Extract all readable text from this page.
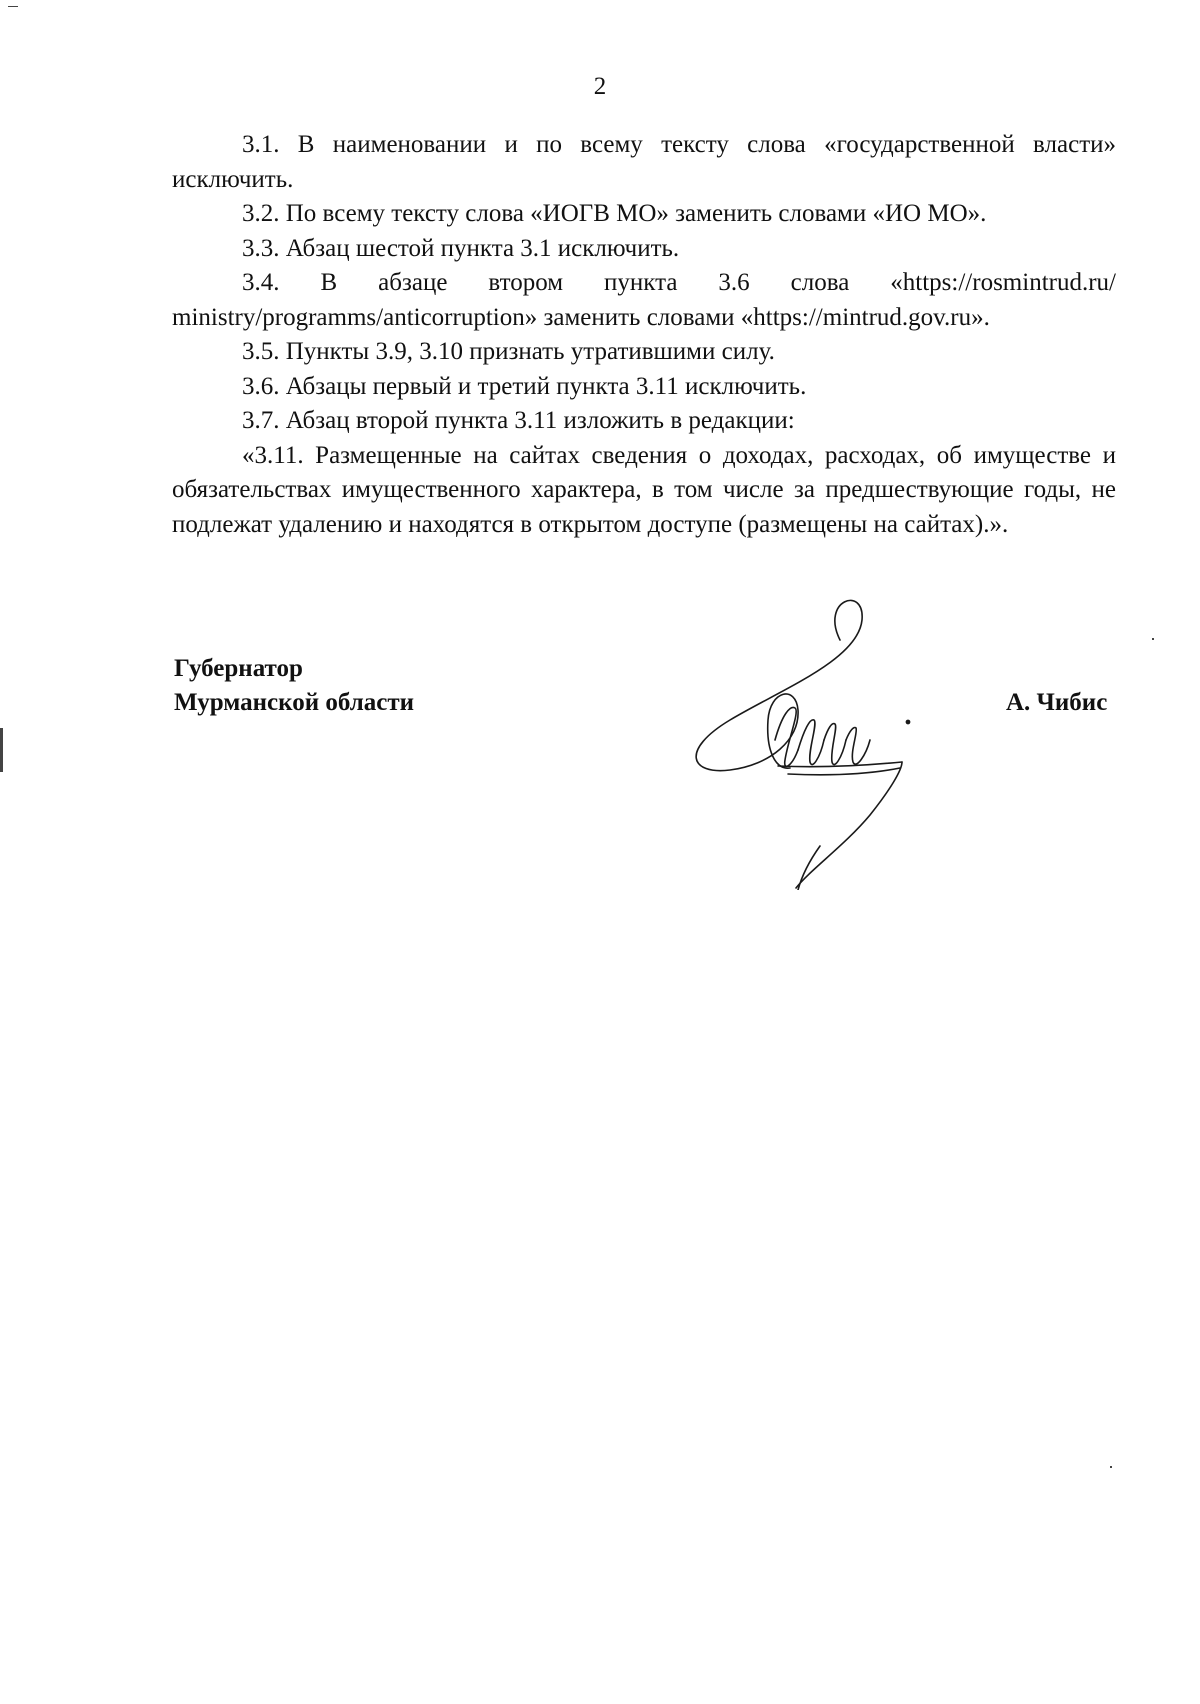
2

3.1. В наименовании и по всему тексту слова «государственной власти» исключить.

3.2. По всему тексту слова «ИОГВ МО» заменить словами «ИО МО».

3.3. Абзац шестой пункта 3.1 исключить.

3.4. В абзаце втором пункта 3.6 слова «https://rosmintrud.ru/ ministry/programms/anticorruption» заменить словами «https://mintrud.gov.ru».

3.5. Пункты 3.9, 3.10 признать утратившими силу.

3.6. Абзацы первый и третий пункта 3.11 исключить.

3.7. Абзац второй пункта 3.11 изложить в редакции:

«3.11. Размещенные на сайтах сведения о доходах, расходах, об имуществе и обязательствах имущественного характера, в том числе за предшествующие годы, не подлежат удалению и находятся в открытом доступе (размещены на сайтах).».

Губернатор
Мурманской области	А. Чибис
